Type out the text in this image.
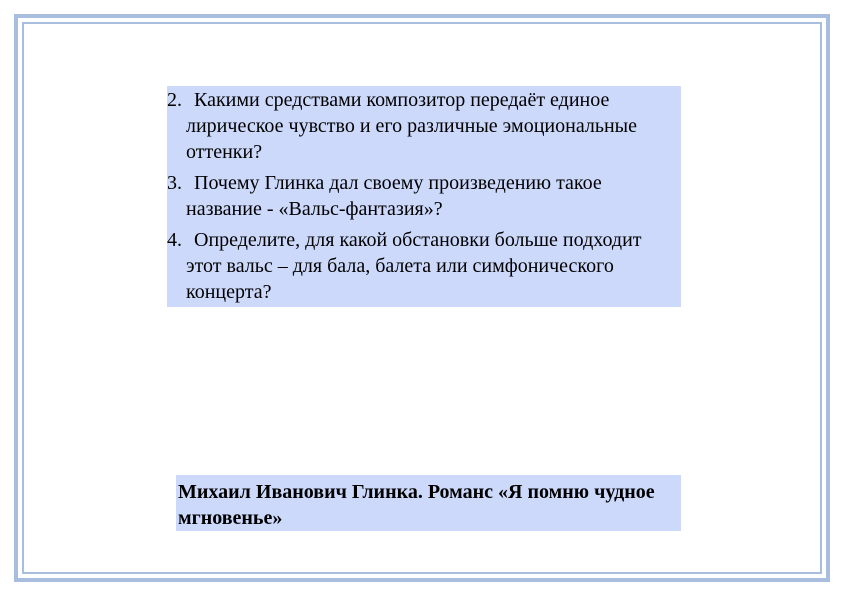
2. Какими средствами композитор передаёт единое лирическое чувство и его различные эмоциональные оттенки?
3. Почему Глинка дал своему произведению такое название - «Вальс-фантазия»?
4. Определите, для какой обстановки больше подходит этот вальс – для бала, балета или симфонического концерта?
Михаил Иванович Глинка. Романс «Я помню чудное мгновенье»
